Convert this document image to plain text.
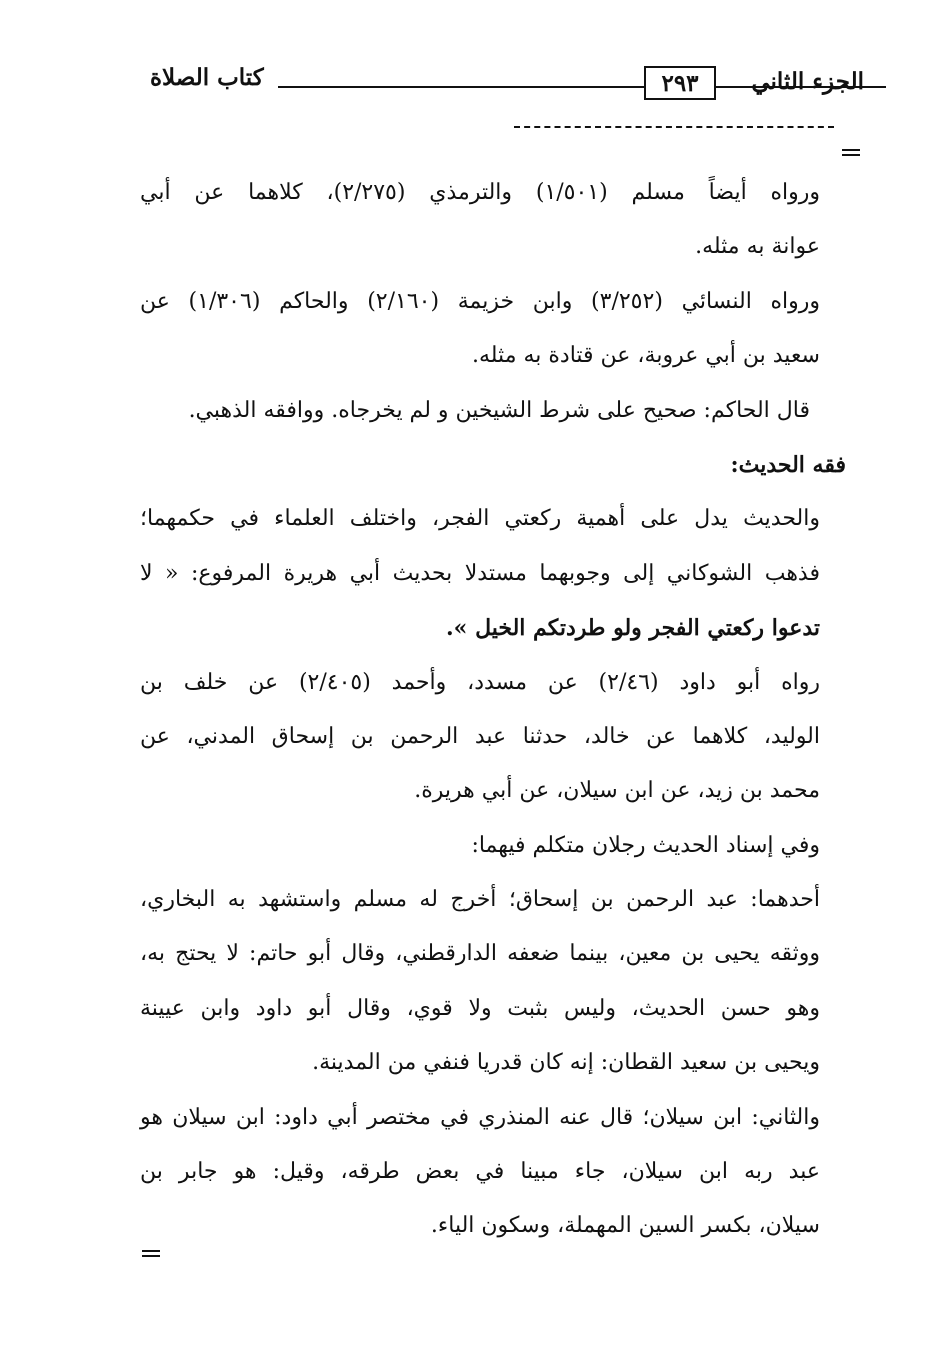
كتاب الصلاة	٢٩٣ الجزء الثاني
ورواه أيضاً مسلم (١/٥٠١) والترمذي (٢/٢٧٥)، كلاهما عن أبي
عوانة به مثله.
ورواه النسائي (٣/٢٥٢) وابن خزيمة (٢/١٦٠) والحاكم (١/٣٠٦) عن
سعيد بن أبي عروبة، عن قتادة به مثله.
قال الحاكم: صحيح على شرط الشيخين و لم يخرجاه. ووافقه الذهبي.
فقه الحديث:
والحديث يدل على أهمية ركعتي الفجر، واختلف العلماء في حكمهما؛
فذهب الشوكاني إلى وجوبهما مستدلا بحديث أبي هريرة المرفوع: « لا
تدعوا ركعتي الفجر ولو طردتكم الخيل ».
رواه أبو داود (٢/٤٦) عن مسدد، وأحمد (٢/٤٠٥) عن خلف بن
الوليد، كلاهما عن خالد، حدثنا عبد الرحمن بن إسحاق المدني، عن
محمد بن زيد، عن ابن سيلان، عن أبي هريرة.
وفي إسناد الحديث رجلان متكلم فيهما:
أحدهما: عبد الرحمن بن إسحاق؛ أخرج له مسلم واستشهد به البخاري،
ووثقه يحيى بن معين، بينما ضعفه الدارقطني، وقال أبو حاتم: لا يحتج به،
وهو حسن الحديث، وليس بثبت ولا قوي، وقال أبو داود وابن عيينة
ويحيى بن سعيد القطان: إنه كان قدريا فنفي من المدينة.
والثاني: ابن سيلان؛ قال عنه المنذري في مختصر أبي داود: ابن سيلان هو
عبد ربه ابن سيلان، جاء مبينا في بعض طرقه، وقيل: هو جابر بن
سيلان، بكسر السين المهملة، وسكون الياء.
